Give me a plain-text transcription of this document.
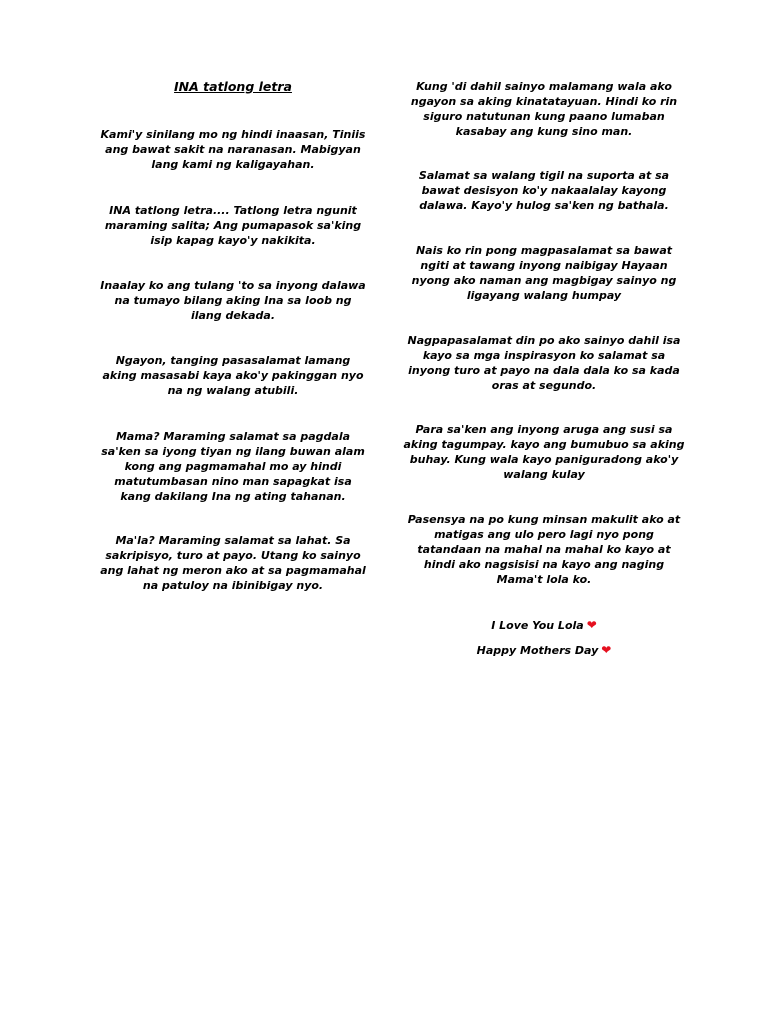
INA tatlong letra

Kami'y sinilang mo ng hindi inaasan, Tiniis ang bawat sakit na naranasan. Mabigyan lang kami ng kaligayahan.

INA tatlong letra.... Tatlong letra ngunit maraming salita; Ang pumapasok sa'king isip kapag kayo'y nakikita.

Inaalay ko ang tulang 'to sa inyong dalawa na tumayo bilang aking Ina sa loob ng ilang dekada.

Ngayon, tanging pasasalamat lamang aking masasabi kaya ako'y pakinggan nyo na ng walang atubili.

Mama? Maraming salamat sa pagdala sa'ken sa iyong tiyan ng ilang buwan alam kong ang pagmamahal mo ay hindi matutumbasan nino man sapagkat isa kang dakilang Ina ng ating tahanan.

Ma'la? Maraming salamat sa lahat. Sa sakripisyo, turo at payo. Utang ko sainyo ang lahat ng meron ako at sa pagmamahal na patuloy na ibinibigay nyo.

Kung 'di dahil sainyo malamang wala ako ngayon sa aking kinatatayuan. Hindi ko rin siguro natutunan kung paano lumaban kasabay ang kung sino man.

Salamat sa walang tigil na suporta at sa bawat desisyon ko'y nakaalalay kayong dalawa. Kayo'y hulog sa'ken ng bathala.

Nais ko rin pong magpasalamat sa bawat ngiti at tawang inyong naibigay Hayaan nyong ako naman ang magbigay sainyo ng ligayang walang humpay

Nagpapasalamat din po ako sainyo dahil isa kayo sa mga inspirasyon ko salamat sa inyong turo at payo na dala dala ko sa kada oras at segundo.

Para sa'ken ang inyong aruga ang susi sa aking tagumpay. kayo ang bumubuo sa aking buhay. Kung wala kayo paniguradong ako'y walang kulay

Pasensya na po kung minsan makulit ako at matigas ang ulo pero lagi nyo pong tatandaan na mahal na mahal ko kayo at hindi ako nagsisisi na kayo ang naging Mama't lola ko.

I Love You Lola ❤

Happy Mothers Day ❤
